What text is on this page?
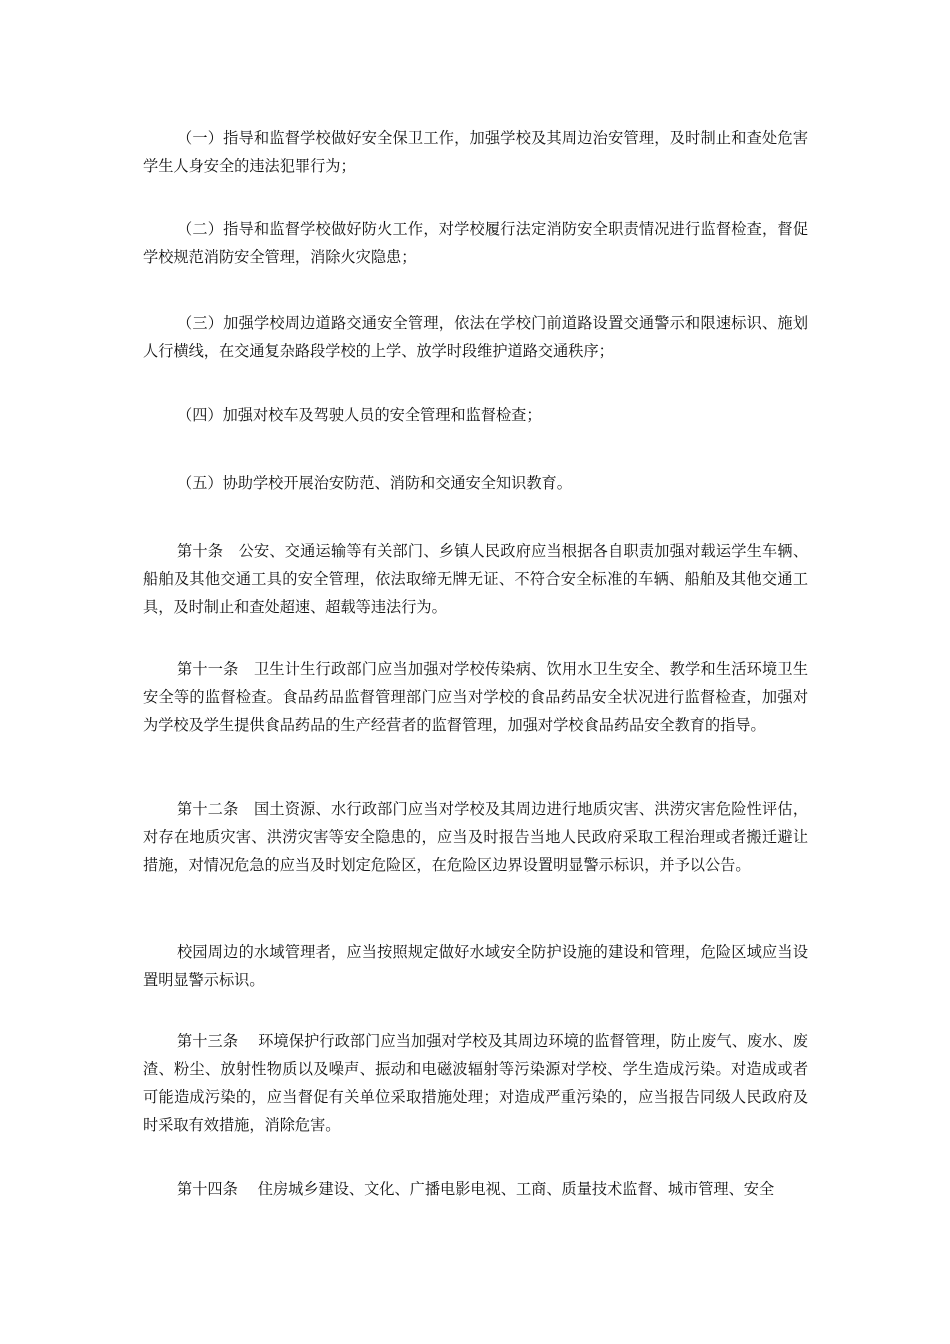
（一）指导和监督学校做好安全保卫工作，加强学校及其周边治安管理，及时制止和查处危害学生人身安全的违法犯罪行为；

（二）指导和监督学校做好防火工作，对学校履行法定消防安全职责情况进行监督检查，督促学校规范消防安全管理，消除火灾隐患；

（三）加强学校周边道路交通安全管理，依法在学校门前道路设置交通警示和限速标识、施划人行横线，在交通复杂路段学校的上学、放学时段维护道路交通秩序；

（四）加强对校车及驾驶人员的安全管理和监督检查；

（五）协助学校开展治安防范、消防和交通安全知识教育。

第十条　公安、交通运输等有关部门、乡镇人民政府应当根据各自职责加强对载运学生车辆、船舶及其他交通工具的安全管理，依法取缔无牌无证、不符合安全标准的车辆、船舶及其他交通工具，及时制止和查处超速、超载等违法行为。

第十一条　卫生计生行政部门应当加强对学校传染病、饮用水卫生安全、教学和生活环境卫生安全等的监督检查。食品药品监督管理部门应当对学校的食品药品安全状况进行监督检查，加强对为学校及学生提供食品药品的生产经营者的监督管理，加强对学校食品药品安全教育的指导。

第十二条　国土资源、水行政部门应当对学校及其周边进行地质灾害、洪涝灾害危险性评估，对存在地质灾害、洪涝灾害等安全隐患的，应当及时报告当地人民政府采取工程治理或者搬迁避让措施，对情况危急的应当及时划定危险区，在危险区边界设置明显警示标识，并予以公告。

校园周边的水域管理者，应当按照规定做好水域安全防护设施的建设和管理，危险区域应当设置明显警示标识。

第十三条　 环境保护行政部门应当加强对学校及其周边环境的监督管理，防止废气、废水、废渣、粉尘、放射性物质以及噪声、振动和电磁波辐射等污染源对学校、学生造成污染。对造成或者可能造成污染的，应当督促有关单位采取措施处理；对造成严重污染的，应当报告同级人民政府及时采取有效措施，消除危害。

第十四条　 住房城乡建设、文化、广播电影电视、工商、质量技术监督、城市管理、安全
